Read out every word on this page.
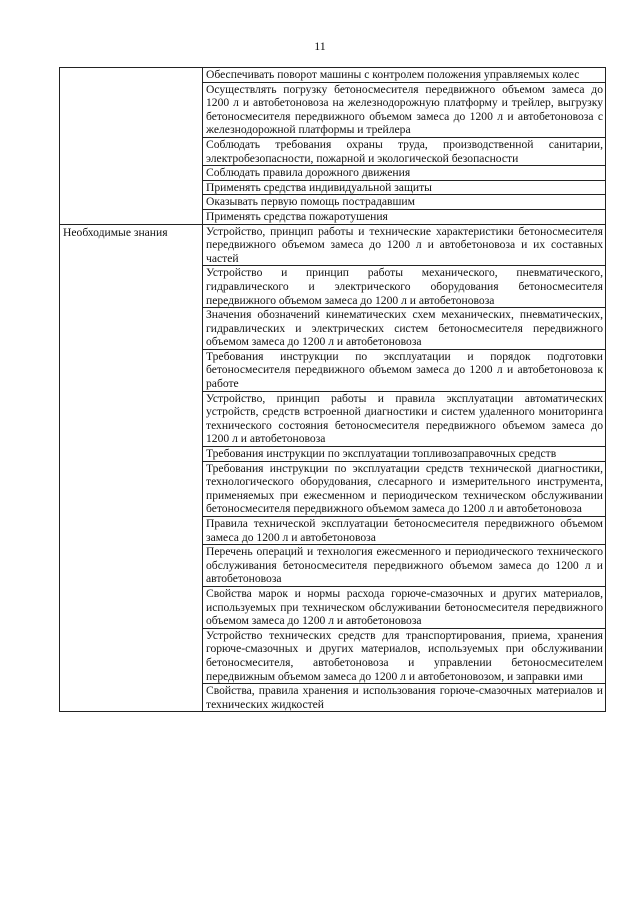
11
	Обеспечивать поворот машины с контролем положения управляемых колес
	Осуществлять погрузку бетоносмесителя передвижного объемом замеса до 1200 л и автобетоновоза на железнодорожную платформу и трейлер, выгрузку бетоносмесителя передвижного объемом замеса до 1200 л и автобетоновоза с железнодорожной платформы и трейлера
	Соблюдать требования охраны труда, производственной санитарии, электробезопасности, пожарной и экологической безопасности
	Соблюдать правила дорожного движения
	Применять средства индивидуальной защиты
	Оказывать первую помощь пострадавшим
	Применять средства пожаротушения

Необходимые знания	Устройство, принцип работы и технические характеристики бетоносмесителя передвижного объемом замеса до 1200 л и автобетоновоза и их составных частей
	Устройство и принцип работы механического, пневматического, гидравлического и электрического оборудования бетоносмесителя передвижного объемом замеса до 1200 л и автобетоновоза
	Значения обозначений кинематических схем механических, пневматических, гидравлических и электрических систем бетоносмесителя передвижного объемом замеса до 1200 л и автобетоновоза
	Требования инструкции по эксплуатации и порядок подготовки бетоносмесителя передвижного объемом замеса до 1200 л и автобетоновоза к работе
	Устройство, принцип работы и правила эксплуатации автоматических устройств, средств встроенной диагностики и систем удаленного мониторинга технического состояния бетоносмесителя передвижного объемом замеса до 1200 л и автобетоновоза
	Требования инструкции по эксплуатации топливозаправочных средств
	Требования инструкции по эксплуатации средств технической диагностики, технологического оборудования, слесарного и измерительного инструмента, применяемых при ежесменном и периодическом техническом обслуживании бетоносмесителя передвижного объемом замеса до 1200 л и автобетоновоза
	Правила технической эксплуатации бетоносмесителя передвижного объемом замеса до 1200 л и автобетоновоза
	Перечень операций и технология ежесменного и периодического технического обслуживания бетоносмесителя передвижного объемом замеса до 1200 л и автобетоновоза
	Свойства марок и нормы расхода горюче-смазочных и других материалов, используемых при техническом обслуживании бетоносмесителя передвижного объемом замеса до 1200 л и автобетоновоза
	Устройство технических средств для транспортирования, приема, хранения горюче-смазочных и других материалов, используемых при обслуживании бетоносмесителя, автобетоновоза и управлении бетоносмесителем передвижным объемом замеса до 1200 л и автобетоновозом, и заправки ими
	Свойства, правила хранения и использования горюче-смазочных материалов и технических жидкостей
